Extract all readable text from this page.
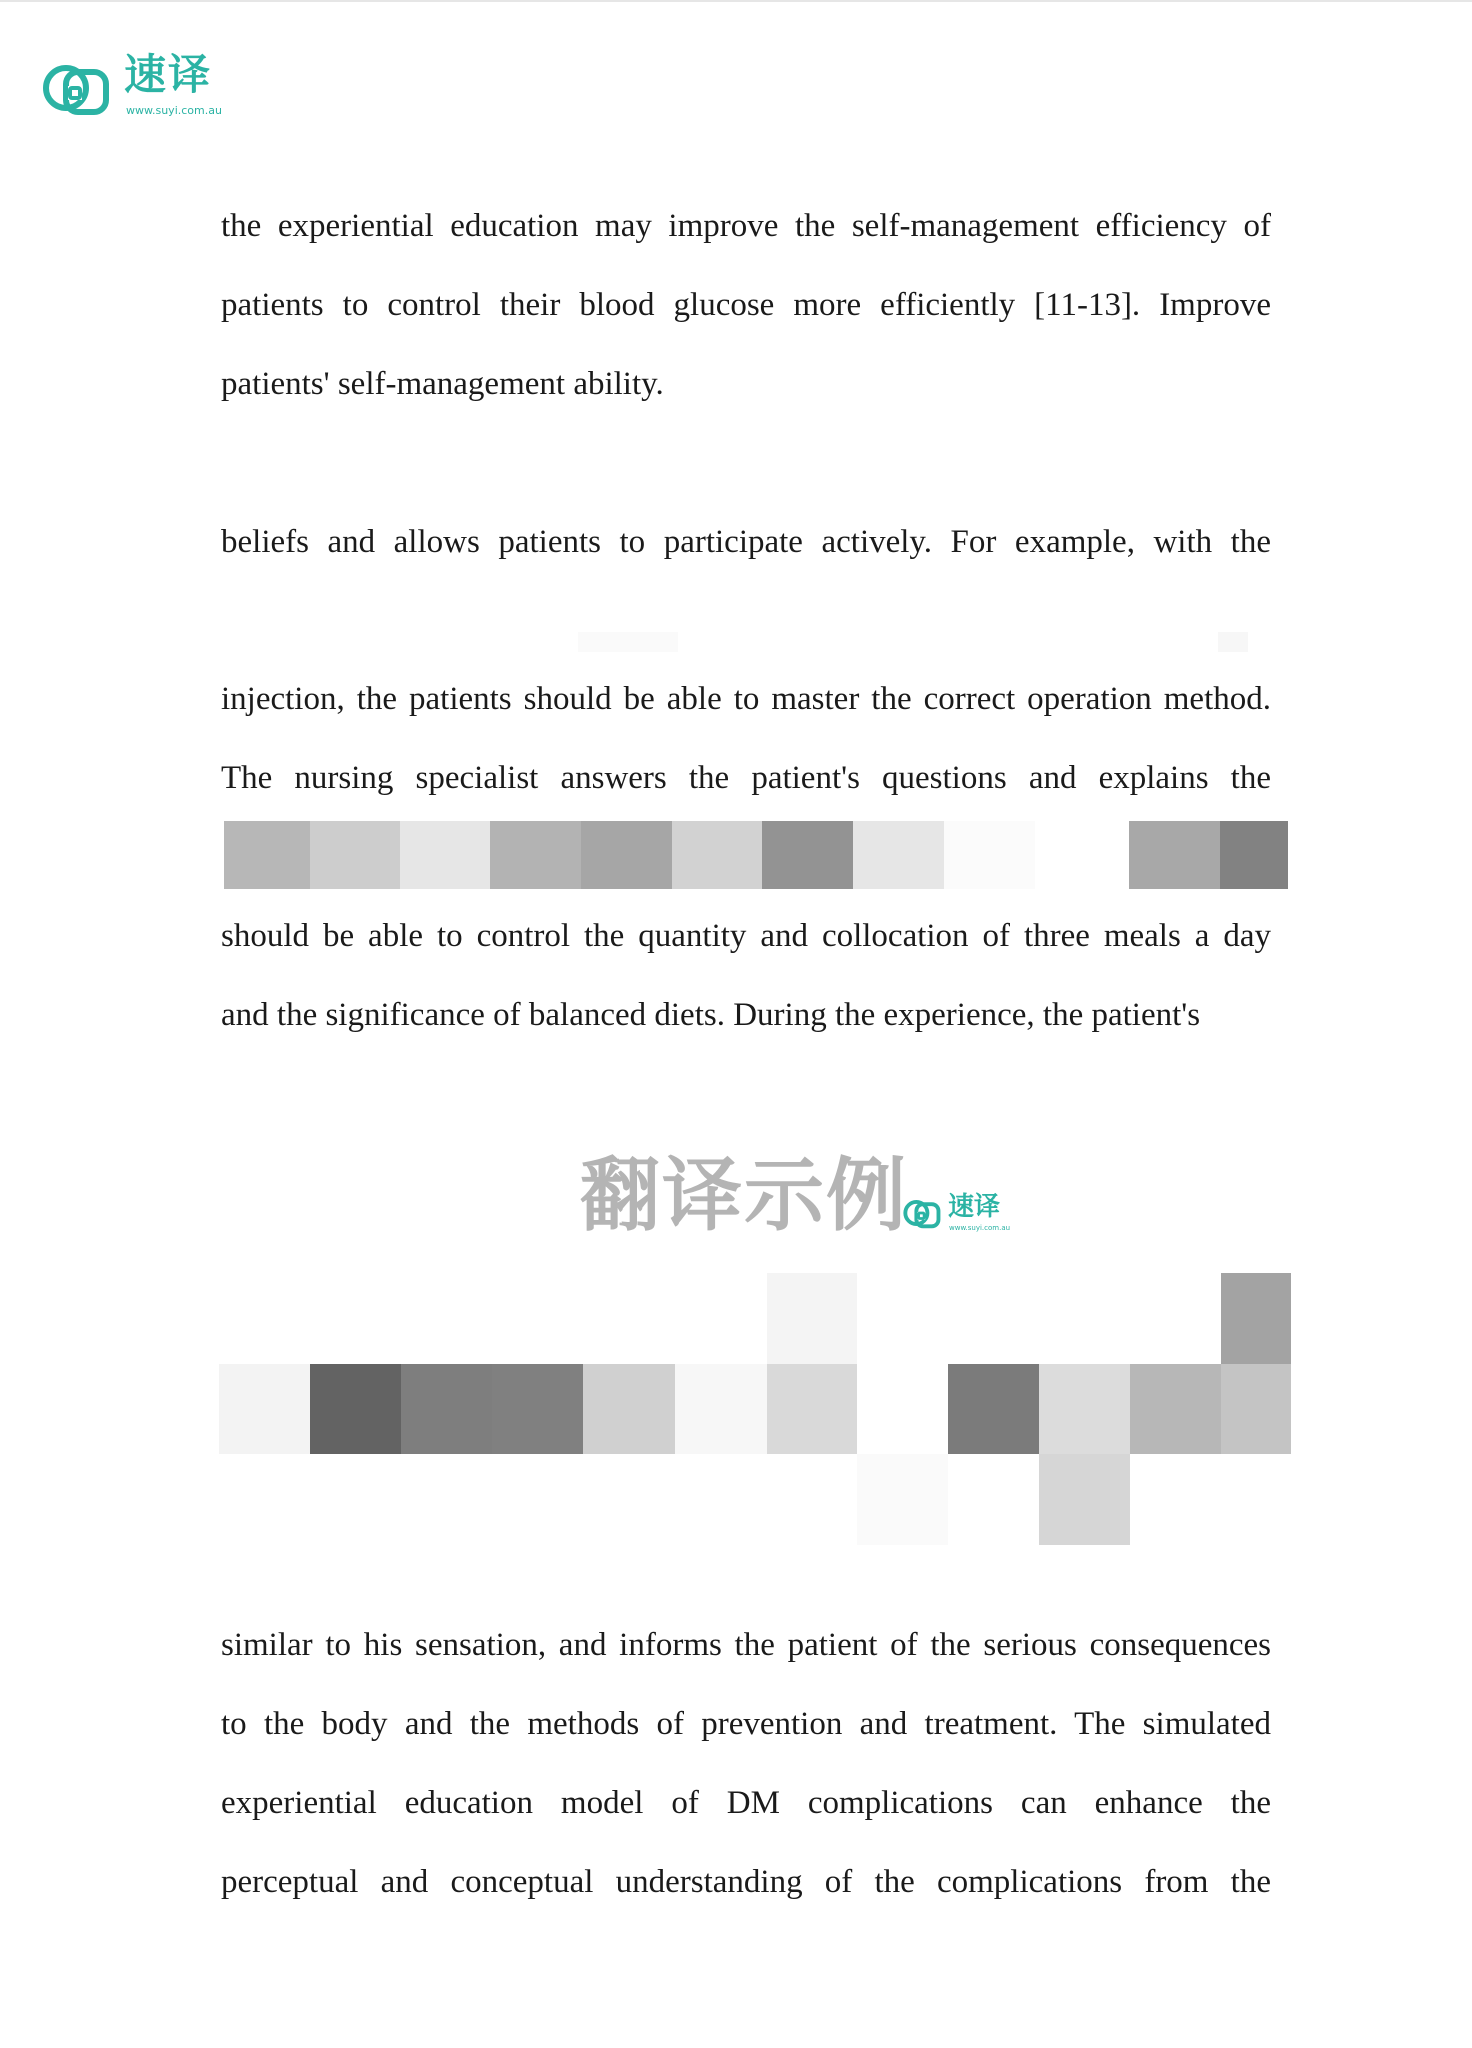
速译
www.suyi.com.au
the experiential education may improve the self-management efficiency of
patients to control their blood glucose more efficiently [11-13]. Improve
patients' self-management ability.
beliefs and allows patients to participate actively. For example, with the
injection, the patients should be able to master the correct operation method.
The nursing specialist answers the patient's questions and explains the
should be able to control the quantity and collocation of three meals a day
and the significance of balanced diets. During the experience, the patient's
翻译示例 速译
www.suyi.com.au
similar to his sensation, and informs the patient of the serious consequences
to the body and the methods of prevention and treatment. The simulated
experiential education model of DM complications can enhance the
perceptual and conceptual understanding of the complications from the
